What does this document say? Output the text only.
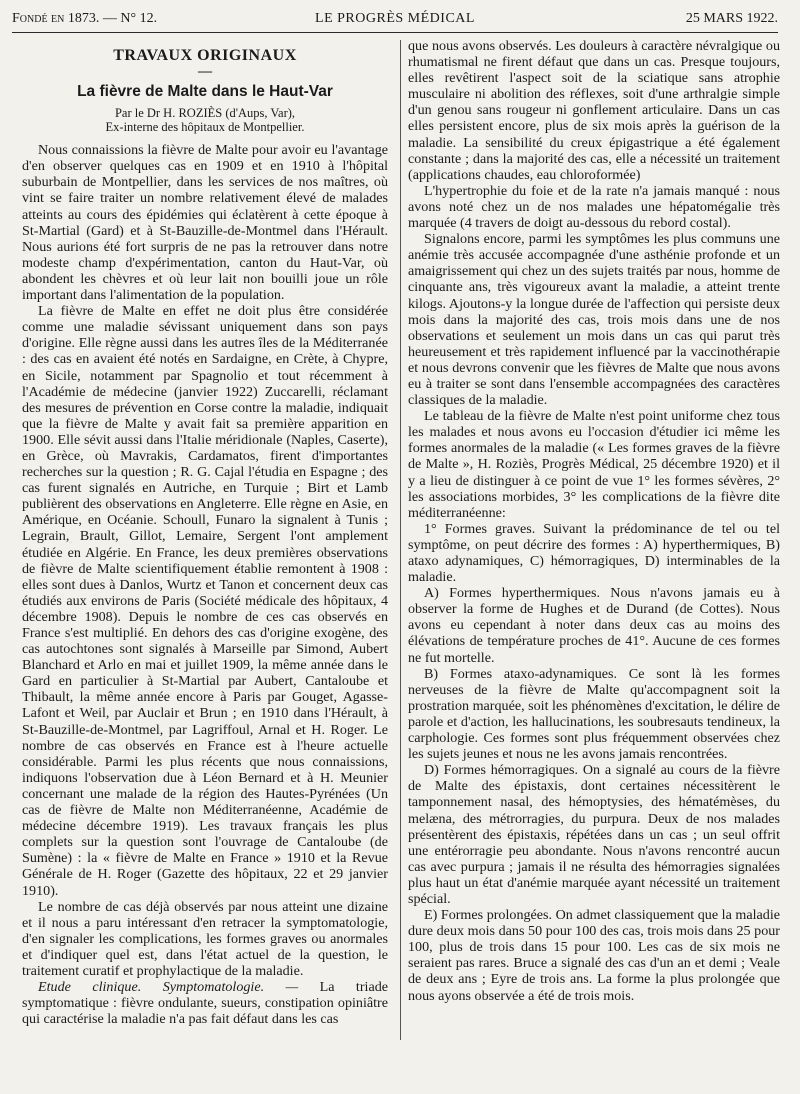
Fondé en 1873. — N° 12.	LE PROGRÈS MÉDICAL	25 MARS 1922.
TRAVAUX ORIGINAUX
—
La fièvre de Malte dans le Haut-Var
Par le Dr H. ROZIÈS (d'Aups, Var),
Ex-interne des hôpitaux de Montpellier.

Nous connaissions la fièvre de Malte pour avoir eu l'avantage d'en observer quelques cas en 1909 et en 1910 à l'hôpital suburbain de Montpellier, dans les services de nos maîtres, où vint se faire traiter un nombre relativement élevé de malades atteints au cours des épidémies qui éclatèrent à cette époque à St-Martial (Gard) et à St-Bauzille-de-Montmel dans l'Hérault. Nous aurions été fort surpris de ne pas la retrouver dans notre modeste champ d'expérimentation, canton du Haut-Var, où abondent les chèvres et où leur lait non bouilli joue un rôle important dans l'alimentation de la population.

La fièvre de Malte en effet ne doit plus être considérée comme une maladie sévissant uniquement dans son pays d'origine. Elle règne aussi dans les autres îles de la Méditerranée : des cas en avaient été notés en Sardaigne, en Crète, à Chypre, en Sicile, notamment par Spagnolio et tout récemment à l'Académie de médecine (janvier 1922) Zuccarelli, réclamant des mesures de prévention en Corse contre la maladie, indiquait que la fièvre de Malte y avait fait sa première apparition en 1900. Elle sévit aussi dans l'Italie méridionale (Naples, Caserte), en Grèce, où Mavrakis, Cardamatos, firent d'importantes recherches sur la question ; R. G. Cajal l'étudia en Espagne ; des cas furent signalés en Autriche, en Turquie ; Birt et Lamb publièrent des observations en Angleterre. Elle règne en Asie, en Amérique, en Océanie. Schoull, Funaro la signalent à Tunis ; Legrain, Brault, Gillot, Lemaire, Sergent l'ont amplement étudiée en Algérie. En France, les deux premières observations de fièvre de Malte scientifiquement établie remontent à 1908 : elles sont dues à Danlos, Wurtz et Tanon et concernent deux cas étudiés aux environs de Paris (Société médicale des hôpitaux, 4 décembre 1908). Depuis le nombre de ces cas observés en France s'est multiplié. En dehors des cas d'origine exogène, des cas autochtones sont signalés à Marseille par Simond, Aubert Blanchard et Arlo en mai et juillet 1909, la même année dans le Gard en particulier à St-Martial par Aubert, Cantaloube et Thibault, la même année encore à Paris par Gouget, Agasse-Lafont et Weil, par Auclair et Brun ; en 1910 dans l'Hérault, à St-Bauzille-de-Montmel, par Lagriffoul, Arnal et H. Roger. Le nombre de cas observés en France est à l'heure actuelle considérable. Parmi les plus récents que nous connaissions, indiquons l'observation due à Léon Bernard et à H. Meunier concernant une malade de la région des Hautes-Pyrénées (Un cas de fièvre de Malte non Méditerranéenne, Académie de médecine décembre 1919). Les travaux français les plus complets sur la question sont l'ouvrage de Cantaloube (de Sumène) : la « fièvre de Malte en France » 1910 et la Revue Générale de H. Roger (Gazette des hôpitaux, 22 et 29 janvier 1910).

Le nombre de cas déjà observés par nous atteint une dizaine et il nous a paru intéressant d'en retracer la symptomatologie, d'en signaler les complications, les formes graves ou anormales et d'indiquer quel est, dans l'état actuel de la question, le traitement curatif et prophylactique de la maladie.

Etude clinique. Symptomatologie. — La triade symptomatique : fièvre ondulante, sueurs, constipation opiniâtre qui caractérise la maladie n'a pas fait défaut dans les cas

que nous avons observés. Les douleurs à caractère névralgique ou rhumatismal ne firent défaut que dans un cas. Presque toujours, elles revêtirent l'aspect soit de la sciatique sans atrophie musculaire ni abolition des réflexes, soit d'une arthralgie simple d'un genou sans rougeur ni gonflement articulaire. Dans un cas elles persistent encore, plus de six mois après la guérison de la maladie. La sensibilité du creux épigastrique a été également constante ; dans la majorité des cas, elle a nécessité un traitement (applications chaudes, eau chloroformée)

L'hypertrophie du foie et de la rate n'a jamais manqué : nous avons noté chez un de nos malades une hépatomégalie très marquée (4 travers de doigt au-dessous du rebord costal).

Signalons encore, parmi les symptômes les plus communs une anémie très accusée accompagnée d'une asthénie profonde et un amaigrissement qui chez un des sujets traités par nous, homme de cinquante ans, très vigoureux avant la maladie, a atteint trente kilogs. Ajoutons-y la longue durée de l'affection qui persiste deux mois dans la majorité des cas, trois mois dans une de nos observations et seulement un mois dans un cas qui parut très heureusement et très rapidement influencé par la vaccinothérapie et nous devrons convenir que les fièvres de Malte que nous avons eu à traiter se sont dans l'ensemble accompagnées des caractères classiques de la maladie.

Le tableau de la fièvre de Malte n'est point uniforme chez tous les malades et nous avons eu l'occasion d'étudier ici même les formes anormales de la maladie (« Les formes graves de la fièvre de Malte », H. Roziès, Progrès Médical, 25 décembre 1920) et il y a lieu de distinguer à ce point de vue 1° les formes sévères, 2° les associations morbides, 3° les complications de la fièvre dite méditerranéenne:

1° Formes graves. Suivant la prédominance de tel ou tel symptôme, on peut décrire des formes : A) hyperthermiques, B) ataxo adynamiques, C) hémorragiques, D) interminables de la maladie.

A) Formes hyperthermiques. Nous n'avons jamais eu à observer la forme de Hughes et de Durand (de Cottes). Nous avons eu cependant à noter dans deux cas au moins des élévations de température proches de 41°. Aucune de ces formes ne fut mortelle.

B) Formes ataxo-adynamiques. Ce sont là les formes nerveuses de la fièvre de Malte qu'accompagnent soit la prostration marquée, soit les phénomènes d'excitation, le délire de parole et d'action, les hallucinations, les soubresauts tendineux, la carphologie. Ces formes sont plus fréquemment observées chez les sujets jeunes et nous ne les avons jamais rencontrées.

D) Formes hémorragiques. On a signalé au cours de la fièvre de Malte des épistaxis, dont certaines nécessitèrent le tamponnement nasal, des hémoptysies, des hématémèses, du melæna, des métrorragies, du purpura. Deux de nos malades présentèrent des épistaxis, répétées dans un cas ; un seul offrit une entérorragie peu abondante. Nous n'avons rencontré aucun cas avec purpura ; jamais il ne résulta des hémorragies signalées plus haut un état d'anémie marquée ayant nécessité un traitement spécial.

E) Formes prolongées. On admet classiquement que la maladie dure deux mois dans 50 pour 100 des cas, trois mois dans 25 pour 100, plus de trois dans 15 pour 100. Les cas de six mois ne seraient pas rares. Bruce a signalé des cas d'un an et demi ; Veale de deux ans ; Eyre de trois ans. La forme la plus prolongée que nous ayons observée a été de trois mois.
